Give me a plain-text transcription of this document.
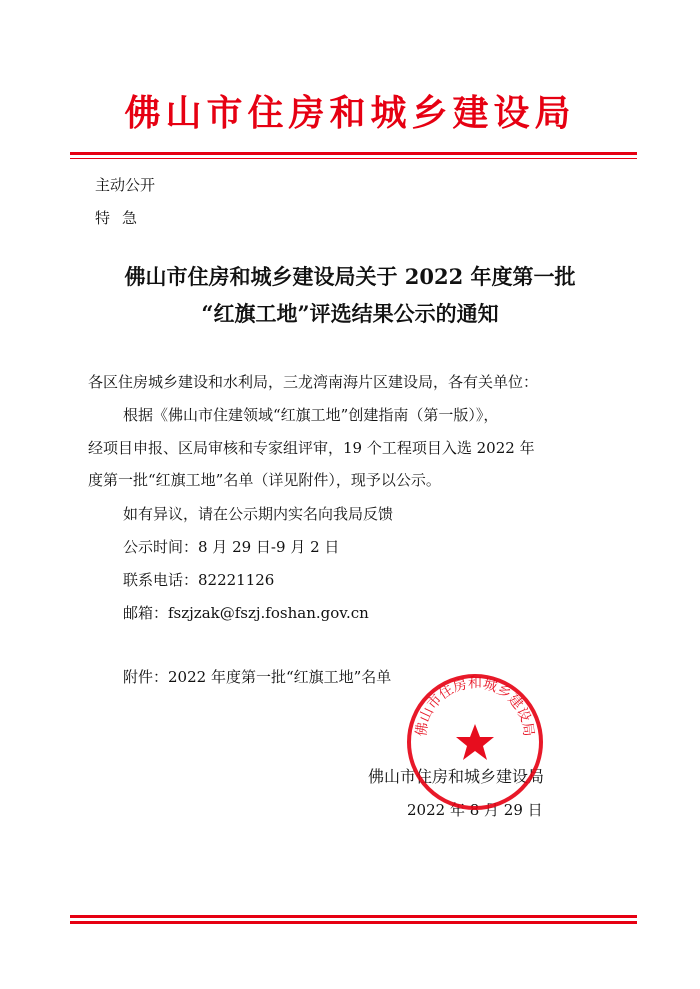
佛山市住房和城乡建设局
主动公开
特急
佛山市住房和城乡建设局关于 2022 年度第一批
“红旗工地”评选结果公示的通知
各区住房城乡建设和水利局，三龙湾南海片区建设局，各有关单位：
根据《佛山市住建领域“红旗工地”创建指南（第一版）》，
经项目申报、区局审核和专家组评审，19 个工程项目入选 2022 年
度第一批“红旗工地”名单（详见附件），现予以公示。
如有异议，请在公示期内实名向我局反馈
公示时间：8 月 29 日-9 月 2 日
联系电话：82221126
邮箱：fszjzak@fszj.foshan.gov.cn
附件：2022 年度第一批“红旗工地”名单
佛山市住房和城乡建设局
2022 年 8 月 29 日
佛山市住房和城乡建设局
